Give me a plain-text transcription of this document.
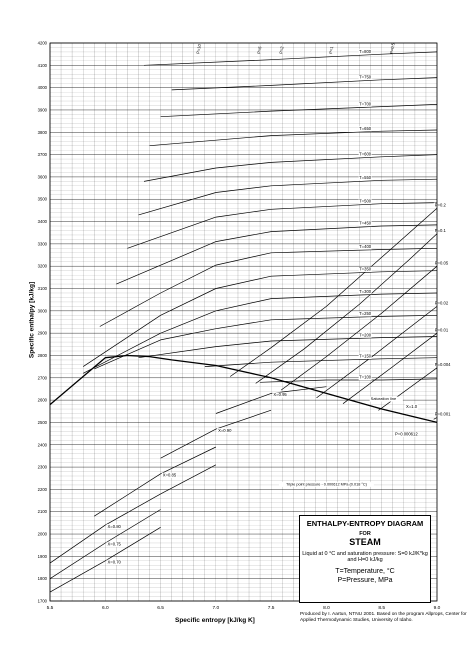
1700
1800
1900
2000
2100
2200
2300
2400
2500
2600
2700
2800
2900
3000
3100
3200
3300
3400
3500
3600
3700
3800
3900
4000
4100
4200
5.5	6.0	6.5	7.0	7.5	8.0	8.5	9.0
T=800
T=750
T=700
T=650
T=600
T=550
T=500
T=450
T=400
T=350
T=300
T=250
T=200
T=150
T=100
P=0.2
P=0.1
P=0.05
P=0.02
P=0.01
P=0.004
P=0.001
X=0.70
X=0.75
X=0.80
X=0.85
X=0.90
X=0.95
X=1.0
Saturation line
Triple point pressure - 0.000612 MPa (0.018 °C)
P=0.000612
P=10	P=5	P=2	P=1	P=0.5
Specific enthalpy [kJ/kg]
Specific entropy [kJ/kg K]
ENTHALPY-ENTROPY DIAGRAM
FOR
STEAM
Liquid at 0 °C and saturation pressure: S=0 kJ/K*kg and H=0 kJ/kg
T=Temperature, °C
P=Pressure, MPa
Produced by I. Aartun, NTNU 2001. Based on the program Allprops, Center for Applied Thermodynamic Studies, University of Idaho.
